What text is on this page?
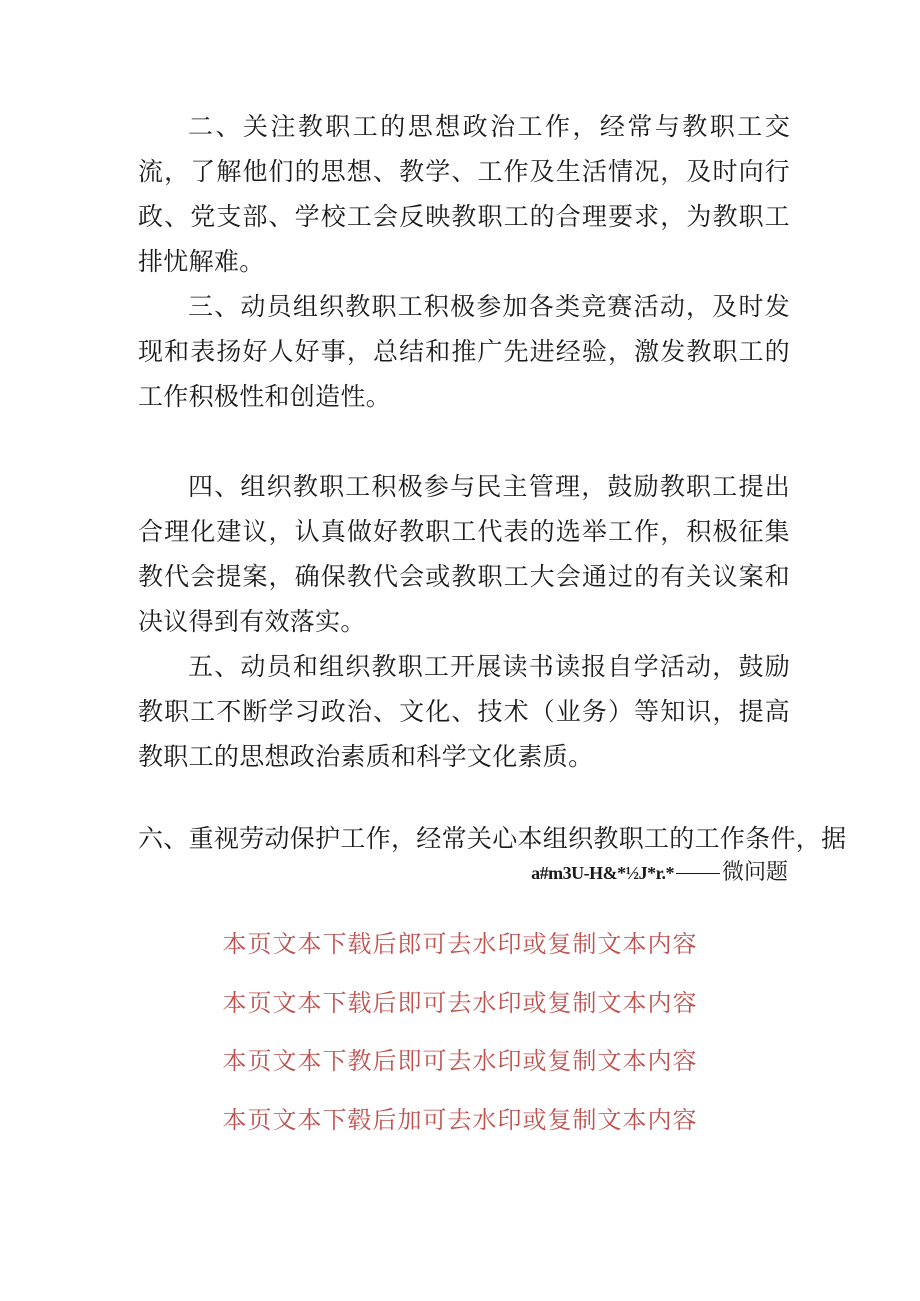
二、关注教职工的思想政治工作，经常与教职工交流，了解他们的思想、教学、工作及生活情况，及时向行政、党支部、学校工会反映教职工的合理要求，为教职工排忧解难。

三、动员组织教职工积极参加各类竞赛活动，及时发现和表扬好人好事，总结和推广先进经验，激发教职工的工作积极性和创造性。

四、组织教职工积极参与民主管理，鼓励教职工提出合理化建议，认真做好教职工代表的选举工作，积极征集教代会提案，确保教代会或教职工大会通过的有关议案和决议得到有效落实。

五、动员和组织教职工开展读书读报自学活动，鼓励教职工不断学习政治、文化、技术（业务）等知识，提高教职工的思想政治素质和科学文化素质。

六、重视劳动保护工作，经常关心本组织教职工的工作条件，据

a#m3U-H&*½J*r.* 微问题
本页文本下载后郎可去水印或复制文本内容
本页文本下载后即可去水印或复制文本内容
本页文本下教后即可去水印或复制文本内容
本页文本下毂后加可去水印或复制文本内容
